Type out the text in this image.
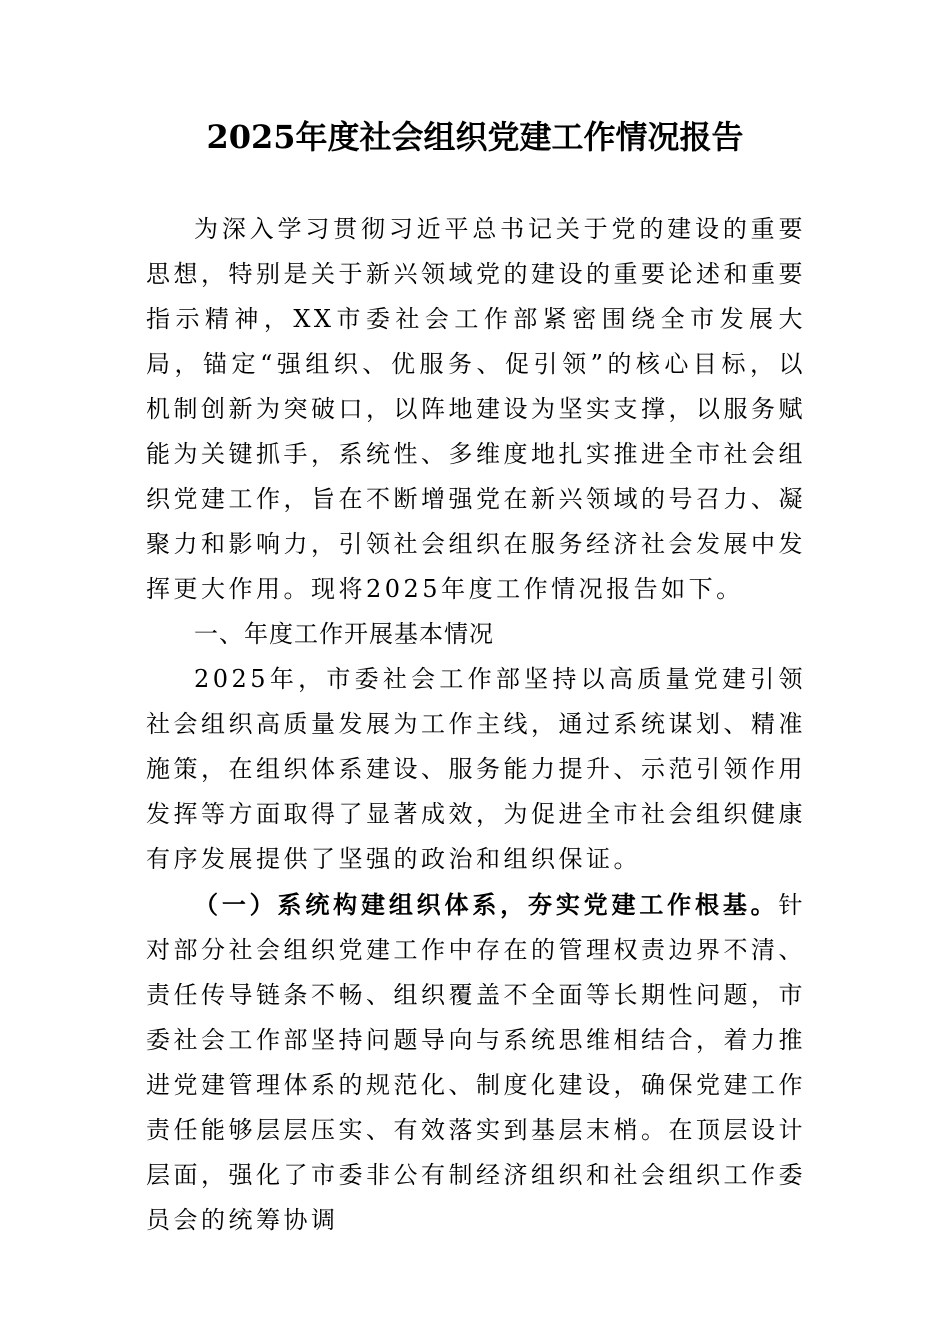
2025年度社会组织党建工作情况报告

为深入学习贯彻习近平总书记关于党的建设的重要思想，特别是关于新兴领域党的建设的重要论述和重要指示精神，XX市委社会工作部紧密围绕全市发展大局，锚定“强组织、优服务、促引领”的核心目标，以机制创新为突破口，以阵地建设为坚实支撑，以服务赋能为关键抓手，系统性、多维度地扎实推进全市社会组织党建工作，旨在不断增强党在新兴领域的号召力、凝聚力和影响力，引领社会组织在服务经济社会发展中发挥更大作用。现将2025年度工作情况报告如下。

一、年度工作开展基本情况

2025年，市委社会工作部坚持以高质量党建引领社会组织高质量发展为工作主线，通过系统谋划、精准施策，在组织体系建设、服务能力提升、示范引领作用发挥等方面取得了显著成效，为促进全市社会组织健康有序发展提供了坚强的政治和组织保证。

（一）系统构建组织体系，夯实党建工作根基。针对部分社会组织党建工作中存在的管理权责边界不清、责任传导链条不畅、组织覆盖不全面等长期性问题，市委社会工作部坚持问题导向与系统思维相结合，着力推进党建管理体系的规范化、制度化建设，确保党建工作责任能够层层压实、有效落实到基层末梢。在顶层设计层面，强化了市委非公有制经济组织和社会组织工作委员会的统筹协调
